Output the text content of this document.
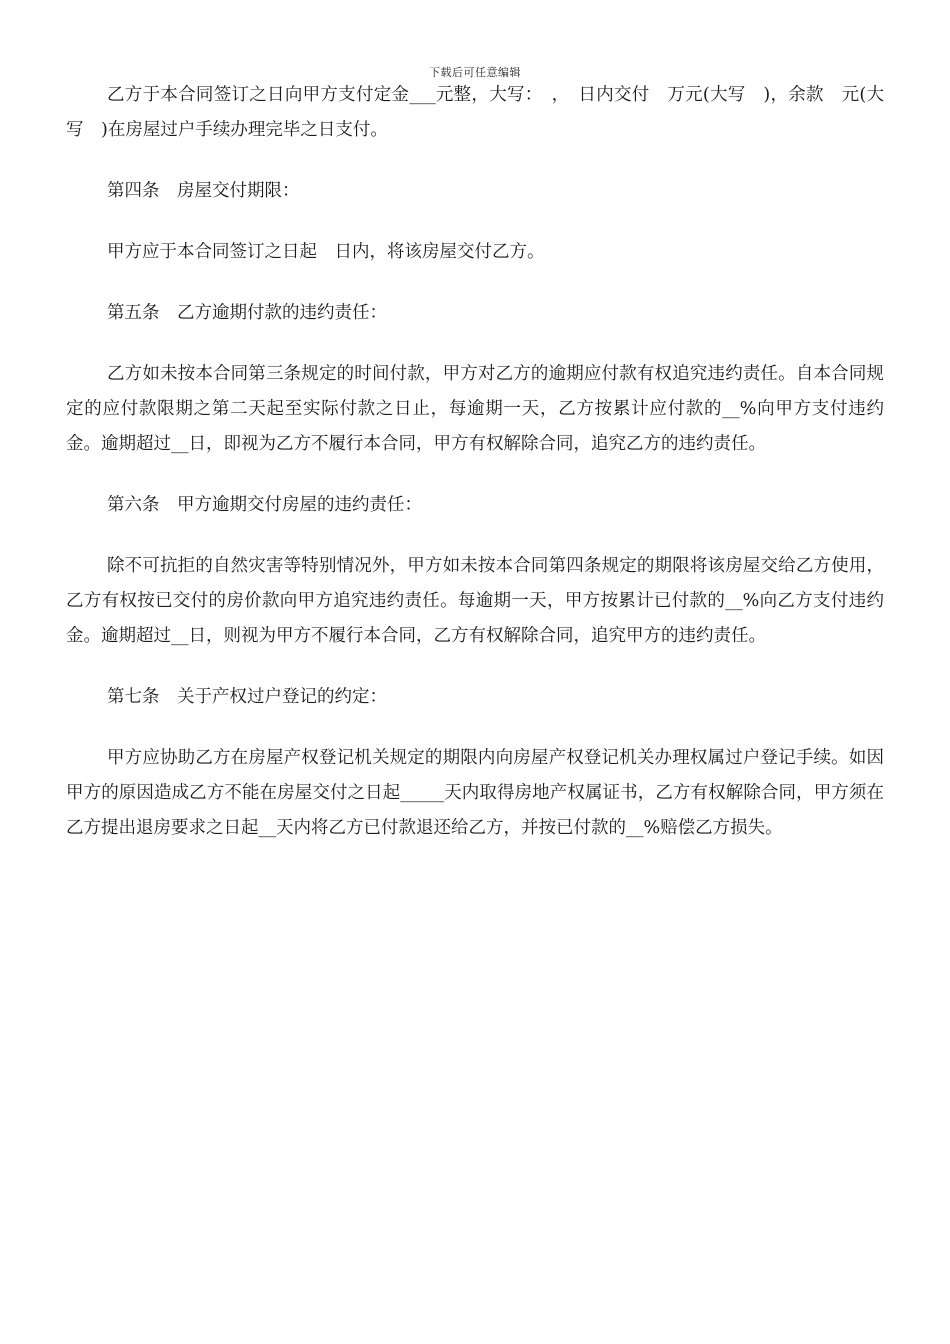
下载后可任意编辑

乙方于本合同签订之日向甲方支付定金___元整，大写：　，　日内交付　万元(大写　)，余款　元(大写　)在房屋过户手续办理完毕之日支付。

第四条　房屋交付期限：

甲方应于本合同签订之日起　日内，将该房屋交付乙方。

第五条　乙方逾期付款的违约责任：

乙方如未按本合同第三条规定的时间付款，甲方对乙方的逾期应付款有权追究违约责任。自本合同规定的应付款限期之第二天起至实际付款之日止，每逾期一天，乙方按累计应付款的__%向甲方支付违约金。逾期超过__日，即视为乙方不履行本合同，甲方有权解除合同，追究乙方的违约责任。

第六条　甲方逾期交付房屋的违约责任：

除不可抗拒的自然灾害等特别情况外，甲方如未按本合同第四条规定的期限将该房屋交给乙方使用，乙方有权按已交付的房价款向甲方追究违约责任。每逾期一天，甲方按累计已付款的__%向乙方支付违约金。逾期超过__日，则视为甲方不履行本合同，乙方有权解除合同，追究甲方的违约责任。

第七条　关于产权过户登记的约定：

甲方应协助乙方在房屋产权登记机关规定的期限内向房屋产权登记机关办理权属过户登记手续。如因甲方的原因造成乙方不能在房屋交付之日起_____天内取得房地产权属证书，乙方有权解除合同，甲方须在乙方提出退房要求之日起__天内将乙方已付款退还给乙方，并按已付款的__%赔偿乙方损失。
